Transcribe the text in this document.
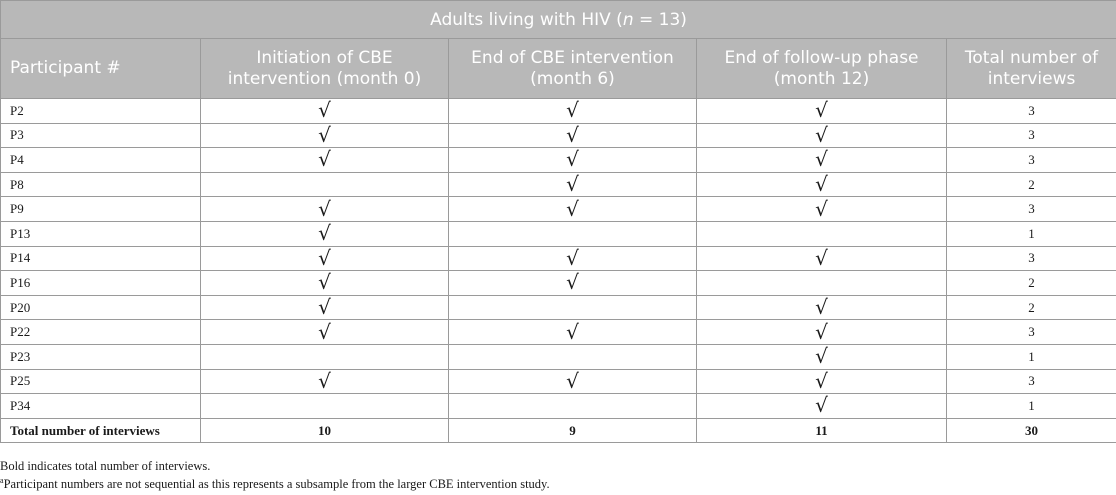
Adults living with HIV (n = 13)				
Participant #	Initiation of CBE intervention (month 0)	End of CBE intervention (month 6)	End of follow-up phase (month 12)	Total number of interviews
P2	√	√	√	3
P3	√	√	√	3
P4	√	√	√	3
P8		√	√	2
P9	√	√	√	3
P13	√			1
P14	√	√	√	3
P16	√	√		2
P20	√		√	2
P22	√	√	√	3
P23			√	1
P25	√	√	√	3
P34			√	1
Total number of interviews	10	9	11	30
Bold indicates total number of interviews.
$^a$Participant numbers are not sequential as this represents a subsample from the larger CBE intervention study.
